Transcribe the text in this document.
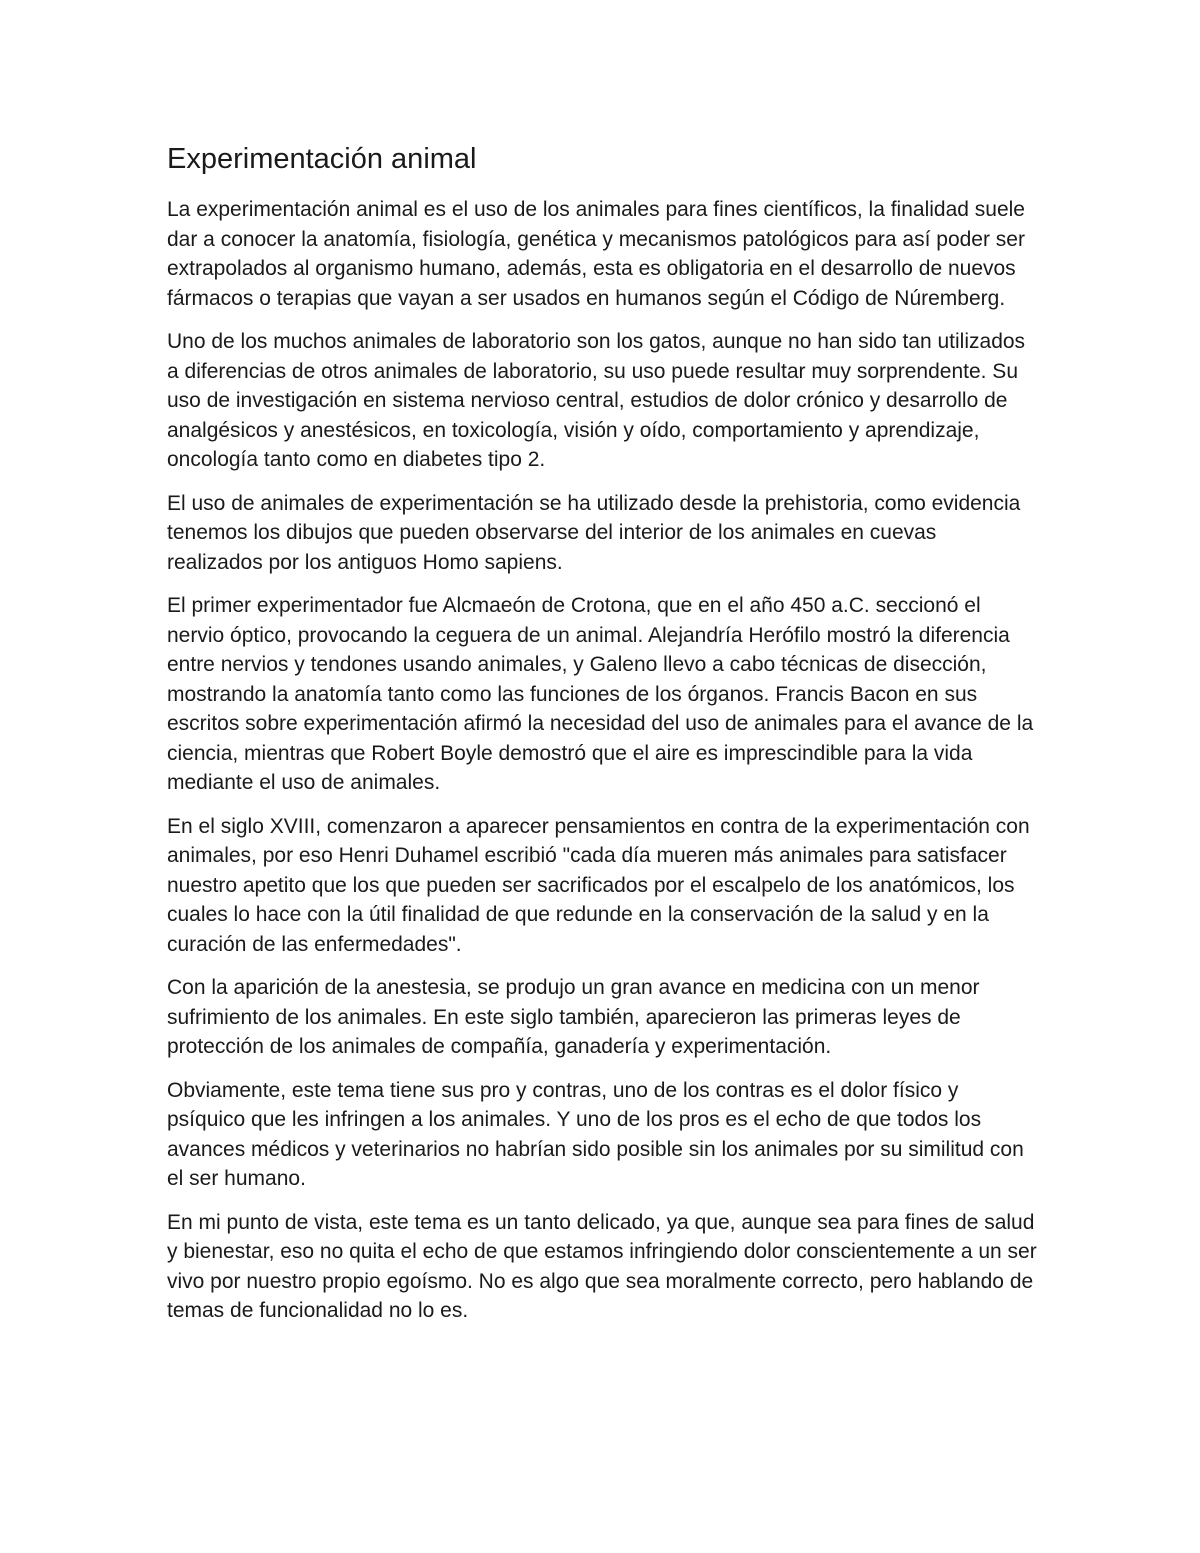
Experimentación animal

La experimentación animal es el uso de los animales para fines científicos, la finalidad suele dar a conocer la anatomía, fisiología, genética y mecanismos patológicos para así poder ser extrapolados al organismo humano, además, esta es obligatoria en el desarrollo de nuevos fármacos o terapias que vayan a ser usados en humanos según el Código de Núremberg.

Uno de los muchos animales de laboratorio son los gatos, aunque no han sido tan utilizados a diferencias de otros animales de laboratorio, su uso puede resultar muy sorprendente. Su uso de investigación en sistema nervioso central, estudios de dolor crónico y desarrollo de analgésicos y anestésicos, en toxicología, visión y oído, comportamiento y aprendizaje, oncología tanto como en diabetes tipo 2.

El uso de animales de experimentación se ha utilizado desde la prehistoria, como evidencia tenemos los dibujos que pueden observarse del interior de los animales en cuevas realizados por los antiguos Homo sapiens.

El primer experimentador fue Alcmaeón de Crotona, que en el año 450 a.C. seccionó el nervio óptico, provocando la ceguera de un animal. Alejandría Herófilo mostró la diferencia entre nervios y tendones usando animales, y Galeno llevo a cabo técnicas de disección, mostrando la anatomía tanto como las funciones de los órganos. Francis Bacon en sus escritos sobre experimentación afirmó la necesidad del uso de animales para el avance de la ciencia, mientras que Robert Boyle demostró que el aire es imprescindible para la vida mediante el uso de animales.

En el siglo XVIII, comenzaron a aparecer pensamientos en contra de la experimentación con animales, por eso Henri Duhamel escribió "cada día mueren más animales para satisfacer nuestro apetito que los que pueden ser sacrificados por el escalpelo de los anatómicos, los cuales lo hace con la útil finalidad de que redunde en la conservación de la salud y en la curación de las enfermedades".

Con la aparición de la anestesia, se produjo un gran avance en medicina con un menor sufrimiento de los animales. En este siglo también, aparecieron las primeras leyes de protección de los animales de compañía, ganadería y experimentación.

Obviamente, este tema tiene sus pro y contras, uno de los contras es el dolor físico y psíquico que les infringen a los animales. Y uno de los pros es el echo de que todos los avances médicos y veterinarios no habrían sido posible sin los animales por su similitud con el ser humano.

En mi punto de vista, este tema es un tanto delicado, ya que, aunque sea para fines de salud y bienestar, eso no quita el echo de que estamos infringiendo dolor conscientemente a un ser vivo por nuestro propio egoísmo. No es algo que sea moralmente correcto, pero hablando de temas de funcionalidad no lo es.
